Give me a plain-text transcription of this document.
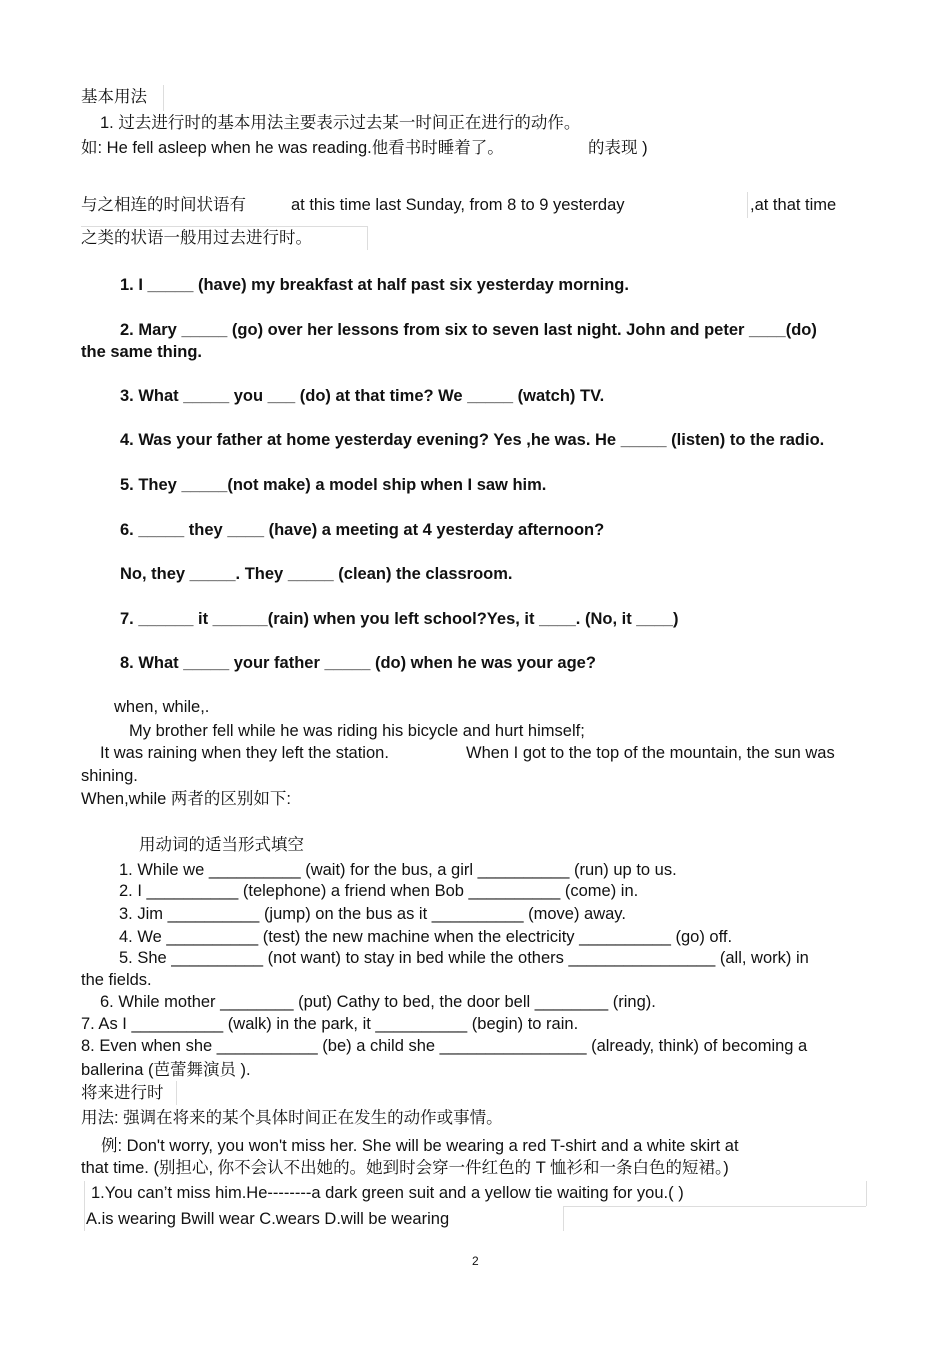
基本用法
1. 过去进行时的基本用法主要表示过去某一时间正在进行的动作。
如: He fell asleep when he was reading.他看书时睡着了。	的表现 )
与之相连的时间状语有	at this time last Sunday, from 8 to 9 yesterday	,at that time
之类的状语一般用过去进行时。
1. I _____ (have) my breakfast at half past six yesterday morning.
2. Mary _____ (go) over her lessons from six to seven last night. John and peter ____(do)
the same thing.
3. What _____ you ___ (do) at that time? We _____ (watch) TV.
4. Was your father at home yesterday evening? Yes ,he was. He _____ (listen) to the radio.
5. They _____(not make) a model ship when I saw him.
6. _____ they ____ (have) a meeting at 4 yesterday afternoon?
No, they _____. They _____ (clean) the classroom.
7. ______ it ______(rain) when you left school?Yes, it ____. (No, it ____)
8. What _____ your father _____ (do) when he was your age?
when, while,.
My brother fell while he was riding his bicycle and hurt himself;
It was raining when they left the station.	When I got to the top of the mountain, the sun was
shining.
When,while 两者的区别如下:
用动词的适当形式填空
1. While we __________ (wait) for the bus, a girl __________ (run) up to us.
2. I __________ (telephone) a friend when Bob __________ (come) in.
3. Jim __________ (jump) on the bus as it __________ (move) away.
4. We __________ (test) the new machine when the electricity __________ (go) off.
5. She __________ (not want) to stay in bed while the others ________________ (all, work) in
the fields.
6. While mother ________ (put) Cathy to bed, the door bell ________ (ring).
7. As I __________ (walk) in the park, it __________ (begin) to rain.
8. Even when she ___________ (be) a child she ________________ (already, think) of becoming a
ballerina (芭蕾舞演员 ).
将来进行时
用法: 强调在将来的某个具体时间正在发生的动作或事情。
例: Don't worry, you won't miss her. She will be wearing a red T-shirt and a white skirt at
that time. (别担心, 你不会认不出她的。她到时会穿一件红色的 T 恤衫和一条白色的短裙。)
1.You can’t miss him.He--------a dark green suit and a yellow tie waiting for you.( )
A.is wearing Bwill wear C.wears D.will be wearing
2
